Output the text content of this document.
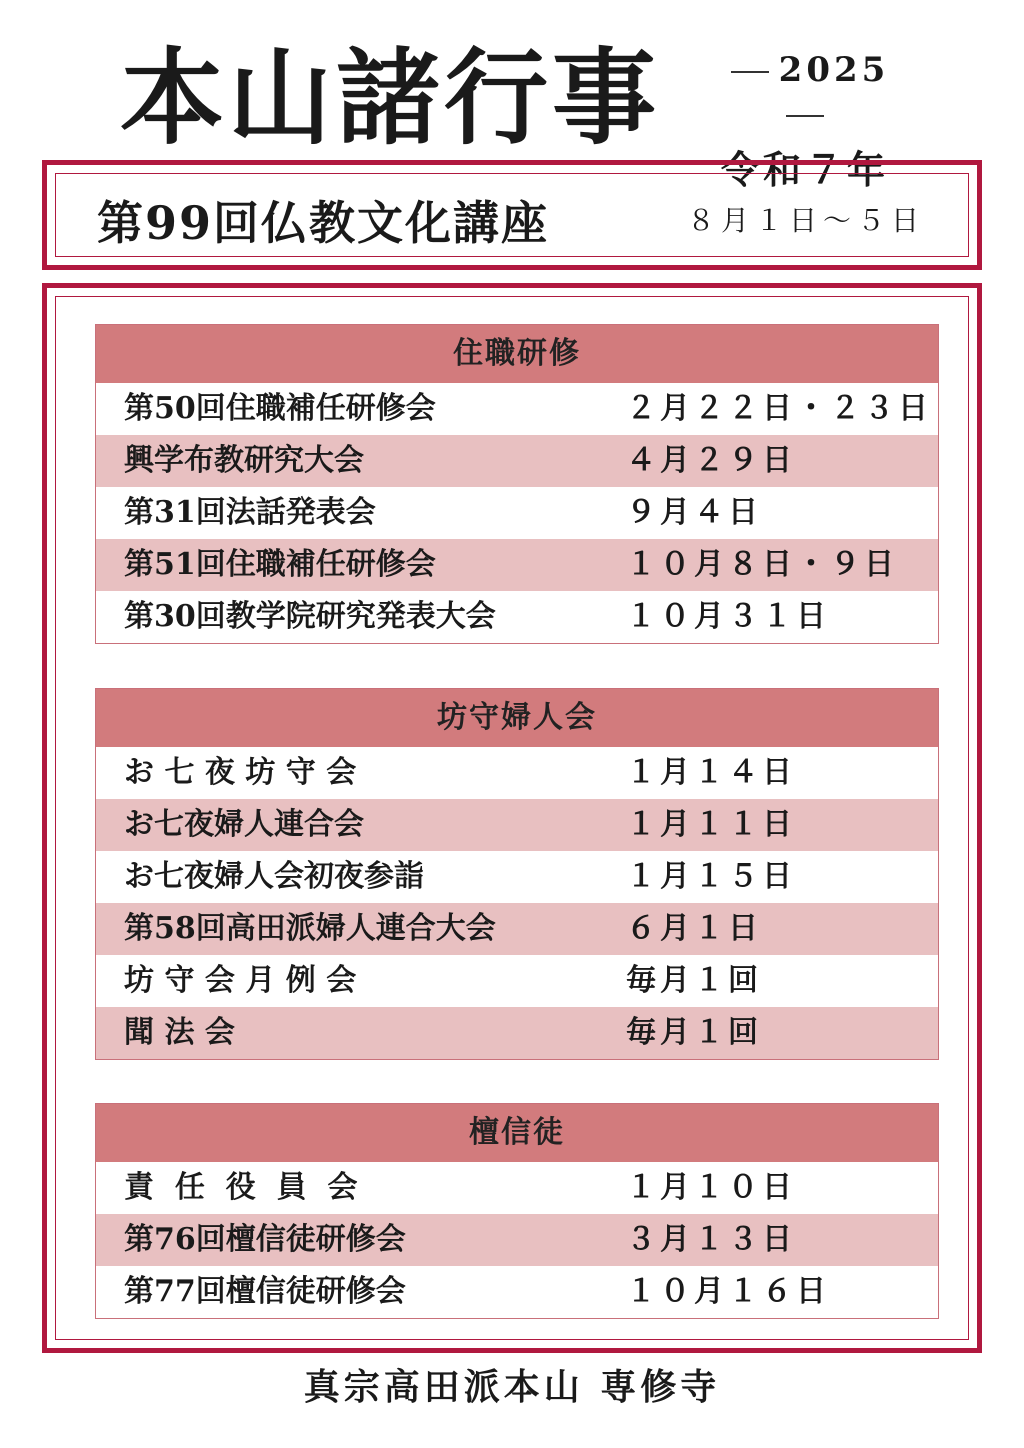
本山諸行事	2025
令和７年
第99回仏教文化講座	８月１日～５日
住職研修
第50回住職補任研修会	２月２２日・２３日
興学布教研究大会	４月２９日
第31回法話発表会	９月４日
第51回住職補任研修会	１０月８日・９日
第30回教学院研究発表大会	１０月３１日
坊守婦人会
お 七 夜 坊 守 会	１月１４日
お七夜婦人連合会	１月１１日
お七夜婦人会初夜参詣	１月１５日
第58回高田派婦人連合大会	６月１日
坊 守 会 月 例 会	毎月１回
聞 法 会	毎月１回
檀信徒
責  任  役  員  会	１月１０日
第76回檀信徒研修会	３月１３日
第77回檀信徒研修会	１０月１６日
真宗高田派本山 専修寺
